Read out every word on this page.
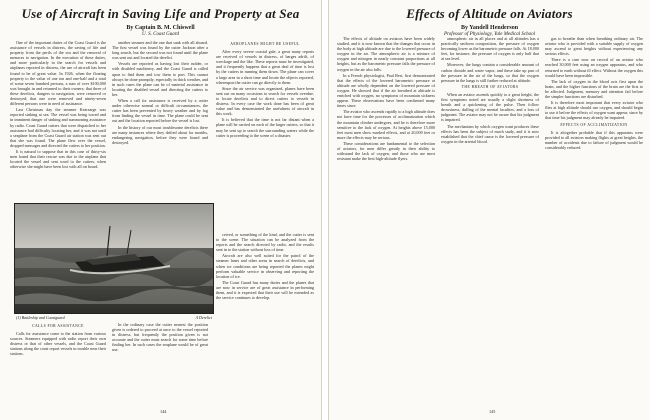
Use of Aircraft in Saving Life and Property at Sea
By Captain B. M. Chiswell
U. S. Coast Guard

One of the important duties of the Coast Guard is the assistance of vessels in distress, the saving of life and property from the perils of the sea and the removal of menaces to navigation. In the execution of these duties, and more particularly in the search for vessels and airplanes reported in distress, the use of aircraft has been found to be of great value. In 1926, when the floating property to the value of one ton and one-half and a total of some seven hundred persons, a sum of over $100,000 was brought in and returned to their owners; that three of these derelicts, dangers to navigation, were removed or destroyed; that one were removed and ninety-seven different persons were in need of assistance.

Last Christmas day the steamer Kearsarge was reported sinking at sea. The vessel was being towed and in imminent danger of sinking and summoning assistance by radio. Coast Guard cutters that were dispatched to her assistance had difficulty locating her, and it was not until a seaplane from the Coast Guard air station was sent out that she was found. The plane flew over the vessel, dropped messages and directed the cutters to her position.

It is natural to suppose that in this case of thirty-six men found that their rescue was due to the airplane that located the vessel and sent word to the cutters, when otherwise she might have been lost with all on board.

another steamer and the one that sank with all aboard. The first vessel was found by the cutter Jackson after a long search, but the second was not found until the plane was sent out and located the derelict.

Vessels are reported as having lost their rudder, or with disabled machinery, and the Coast Guard is called upon to find them and tow them to port. This cannot always be done promptly, especially in thick weather, and in such cases the plane can be of material assistance in locating the disabled vessel and directing the cutters to her.

When a call for assistance is received by a cutter under otherwise normal or difficult circumstances, the cutter has been prevented by heavy weather and by fog from finding the vessel in time. The plane could be sent out and the location reported before the vessel is lost.

In the history of our most troublesome derelicts there are many instances where they drifted about for months, endangering navigation, before they were found and destroyed.

AEROPLANES MIGHT BE USEFUL

After every severe coastal gale, a great many reports are received of vessels in distress, of barges adrift, of wreckage and the like. These reports must be investigated, and it frequently happens that a great deal of time is lost by the cutters in running them down. The plane can cover a large area in a short time and locate the objects reported, whereupon the cutter can go directly to them.

Since the air service was organized, planes have been sent out on many occasions to search for vessels overdue, to locate derelicts and to direct cutters to vessels in distress. In every case the work done has been of great value and has demonstrated the usefulness of aircraft in this work.

It is believed that the time is not far distant when a plane will be carried on each of the larger cutters, so that it may be sent up to search the surrounding waters while the cutter is proceeding to the scene of a disaster.

ceived, or something of the kind, and the cutter is sent to the scene. The situation can be analyzed from the reports and the search directed by radio, and the results sent in to the station without loss of time.

Aircraft are also well suited for the patrol of the steamer lanes and other areas in search of derelicts, and when ice conditions are being reported the planes might perform valuable service in observing and reporting the location of ice.

The Coast Guard has many duties and the planes that are now in service are of great assistance in performing them, and it is expected that their use will be extended as the service continues to develop.

(1) Battleship and Coastguard	A Derelict
CALLS FOR ASSISTANCE

Calls for assistance come to the station from various sources. Steamers equipped with radio report their own distress or that of other vessels, and the Coast Guard stations along the coast report vessels in trouble near their stations.

In the ordinary case the cutter nearest the position given is ordered to proceed at once to the vessel reported in distress, but frequently the position given is not accurate and the cutter must search for some time before finding her. In such cases the seaplane would be of great use.

144
Effects of Altitude on Aviators
By Yandell Henderson
Professor of Physiology, Yale Medical School

The effects of altitude on aviators have been widely studied, and it is now known that the changes that occur in the body at high altitude are due to the lowered pressure of oxygen in the air. The atmospheric air is a mixture of oxygen and nitrogen in nearly constant proportions at all heights, but as the barometric pressure falls the pressure of oxygen in the air also falls.

In a French physiologist, Paul Bert, first demonstrated that the effects of the lowered barometric pressure at altitude are wholly dependent on the lowered pressure of oxygen. He showed that if the air breathed at altitude is enriched with oxygen, no symptoms of mountain sickness appear. These observations have been confirmed many times since.

The aviator who ascends rapidly to a high altitude does not have time for the processes of acclimatization which the mountain climber undergoes, and he is therefore more sensitive to the lack of oxygen. At heights above 15,000 feet most men show marked effects, and at 20,000 feet or more the effects may be serious.

These considerations are fundamental to the selection of aviators, for men differ greatly in their ability to withstand the lack of oxygen, and those who are most resistant make the best high-altitude flyers.

atmospheric air in all places and at all altitudes has a practically uniform composition, the pressure of oxygen becoming lower as the barometric pressure falls. At 18,000 feet, for instance, the pressure of oxygen is only half that at sea level.

Moreover, the lungs contain a considerable amount of carbon dioxide and water vapor, and these take up part of the pressure in the air of the lungs, so that the oxygen pressure in the lungs is still further reduced at altitude.

THE BREATH OF AVIATORS

When an aviator ascends quickly to a great height, the first symptoms noted are usually a slight shortness of breath and a quickening of the pulse. Then follow drowsiness, dulling of the mental faculties, and a loss of judgment. The aviator may not be aware that his judgment is impaired.

The mechanism by which oxygen want produces these effects has been the subject of much study, and it is now established that the chief cause is the lowered pressure of oxygen in the arterial blood.

gas to breathe than when breathing ordinary air. The aviator who is provided with a suitable supply of oxygen may ascend to great heights without experiencing any serious effects.

There is a case now on record of an aviator who reached 30,000 feet using an oxygen apparatus, and who returned to earth without ill effect. Without the oxygen this would have been impossible.

The lack of oxygen in the blood acts first upon the brain, and the higher functions of the brain are the first to be affected. Judgment, memory and attention fail before the simpler functions are disturbed.

It is therefore most important that every aviator who flies at high altitude should use oxygen, and should begin to use it before the effects of oxygen want appear, since by that time his judgment may already be impaired.

EFFECTS OF ACCLIMATIZATION

It is altogether probable that if this apparatus were provided to all aviators making flights at great heights, the number of accidents due to failure of judgment would be considerably reduced.

145
